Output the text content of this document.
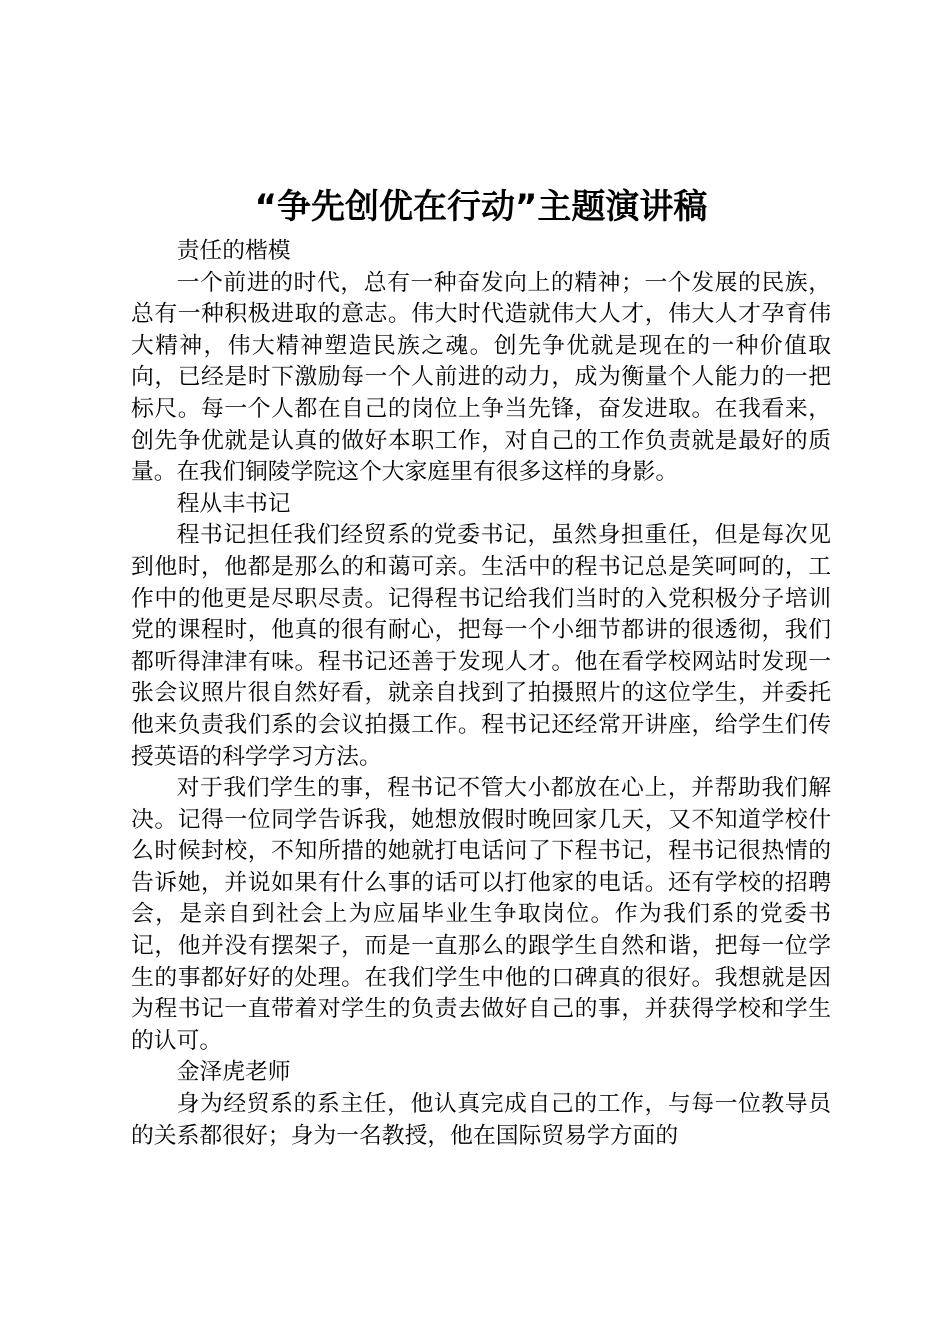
“争先创优在行动”主题演讲稿

责任的楷模

一个前进的时代，总有一种奋发向上的精神；一个发展的民族，总有一种积极进取的意志。伟大时代造就伟大人才，伟大人才孕育伟大精神，伟大精神塑造民族之魂。创先争优就是现在的一种价值取向，已经是时下激励每一个人前进的动力，成为衡量个人能力的一把标尺。每一个人都在自己的岗位上争当先锋，奋发进取。在我看来，创先争优就是认真的做好本职工作，对自己的工作负责就是最好的质量。在我们铜陵学院这个大家庭里有很多这样的身影。

程从丰书记

程书记担任我们经贸系的党委书记，虽然身担重任，但是每次见到他时，他都是那么的和蔼可亲。生活中的程书记总是笑呵呵的，工作中的他更是尽职尽责。记得程书记给我们当时的入党积极分子培训党的课程时，他真的很有耐心，把每一个小细节都讲的很透彻，我们都听得津津有味。程书记还善于发现人才。他在看学校网站时发现一张会议照片很自然好看，就亲自找到了拍摄照片的这位学生，并委托他来负责我们系的会议拍摄工作。程书记还经常开讲座，给学生们传授英语的科学学习方法。

对于我们学生的事，程书记不管大小都放在心上，并帮助我们解决。记得一位同学告诉我，她想放假时晚回家几天，又不知道学校什么时候封校，不知所措的她就打电话问了下程书记，程书记很热情的告诉她，并说如果有什么事的话可以打他家的电话。还有学校的招聘会，是亲自到社会上为应届毕业生争取岗位。作为我们系的党委书记，他并没有摆架子，而是一直那么的跟学生自然和谐，把每一位学生的事都好好的处理。在我们学生中他的口碑真的很好。我想就是因为程书记一直带着对学生的负责去做好自己的事，并获得学校和学生的认可。

金泽虎老师

身为经贸系的系主任，他认真完成自己的工作，与每一位教导员的关系都很好；身为一名教授，他在国际贸易学方面的
